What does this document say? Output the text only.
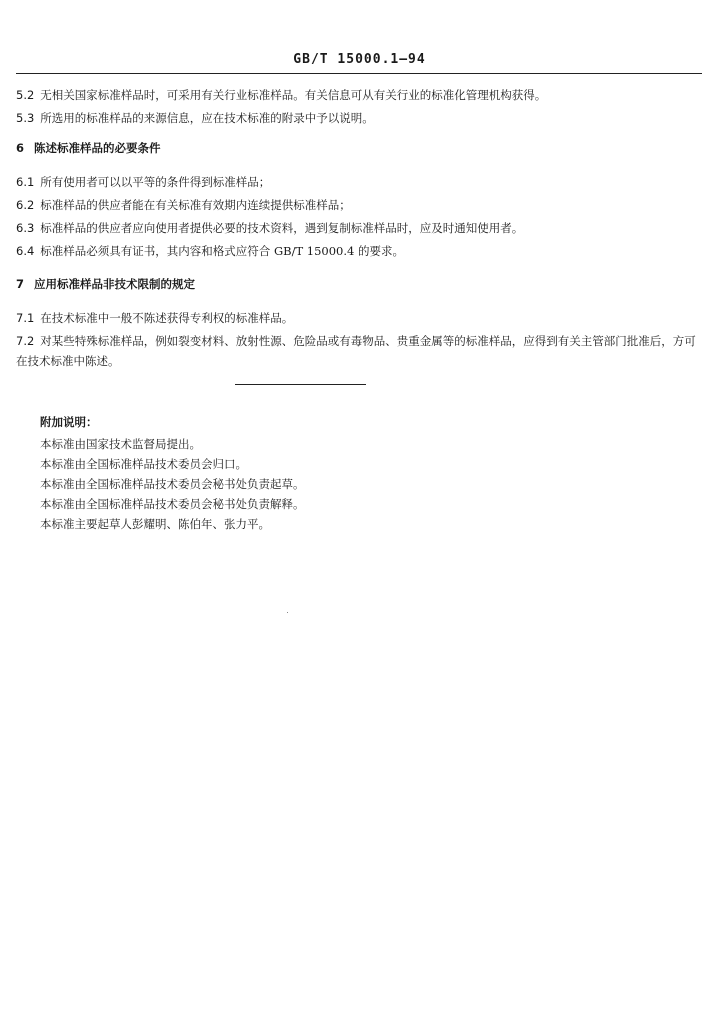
GB/T 15000.1—94

5.2 无相关国家标准样品时，可采用有关行业标准样品。有关信息可从有关行业的标准化管理机构获得。

5.3 所选用的标准样品的来源信息，应在技术标准的附录中予以说明。

6 陈述标准样品的必要条件

6.1 所有使用者可以以平等的条件得到标准样品；

6.2 标准样品的供应者能在有关标准有效期内连续提供标准样品；

6.3 标准样品的供应者应向使用者提供必要的技术资料，遇到复制标准样品时，应及时通知使用者。

6.4 标准样品必须具有证书，其内容和格式应符合 GB/T 15000.4 的要求。

7 应用标准样品非技术限制的规定

7.1 在技术标准中一般不陈述获得专利权的标准样品。

7.2 对某些特殊标准样品，例如裂变材料、放射性源、危险品或有毒物品、贵重金属等的标准样品，应得到有关主管部门批准后，方可在技术标准中陈述。

附加说明：

本标准由国家技术监督局提出。

本标准由全国标准样品技术委员会归口。

本标准由全国标准样品技术委员会秘书处负责起草。

本标准由全国标准样品技术委员会秘书处负责解释。

本标准主要起草人彭耀明、陈伯年、张力平。
